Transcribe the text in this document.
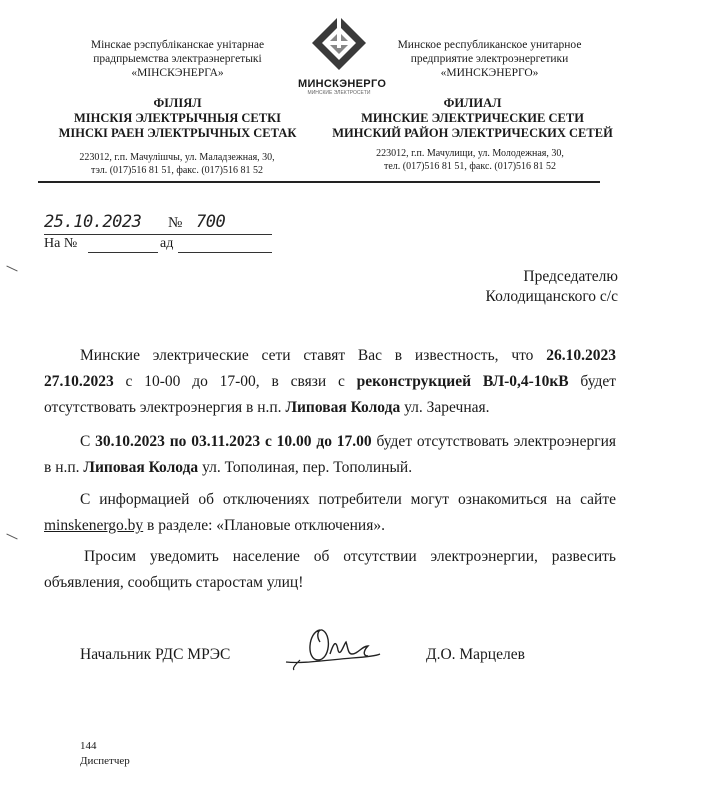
Мінскае рэспубліканскае унітарнае
прадпрыемства электраэнергетыкі
«МІНСКЭНЕРГА»
ФІЛІЯЛ
МІНСКІЯ ЭЛЕКТРЫЧНЫЯ СЕТКІ
МІНСКІ РАЕН ЭЛЕКТРЫЧНЫХ СЕТАК
223012, г.п. Мачулішчы, ул. Маладзежная, 30,
тэл. (017)516 81 51, факс. (017)516 81 52
МИНСКЭНЕРГО
МИНСКИЕ ЭЛЕКТРОСЕТИ
Минское республиканское унитарное
предприятие электроэнергетики
«МИНСКЭНЕРГО»
ФИЛИАЛ
МИНСКИЕ ЭЛЕКТРИЧЕСКИЕ СЕТИ
МИНСКИЙ РАЙОН ЭЛЕКТРИЧЕСКИХ СЕТЕЙ
223012, г.п. Мачулищи, ул. Молодежная, 30,
тел. (017)516 81 51, факс. (017)516 81 52
25.10.2023 № 700
На №	ад
Председателю
Колодищанского с/с
Минские электрические сети ставят Вас в известность, что 26.10.2023 27.10.2023 с 10-00 до 17-00, в связи с реконструкцией ВЛ-0,4-10кВ будет отсутствовать электроэнергия в н.п. Липовая Колода ул. Заречная.
С 30.10.2023 по 03.11.2023 с 10.00 до 17.00 будет отсутствовать электроэнергия в н.п. Липовая Колода ул. Тополиная, пер. Тополиный.
С информацией об отключениях потребители могут ознакомиться на сайте minskenergo.by в разделе: «Плановые отключения».
Просим уведомить население об отсутствии электроэнергии, развесить объявления, сообщить старостам улиц!
Начальник РДС МРЭС	Д.О. Марцелев
144
Диспетчер
